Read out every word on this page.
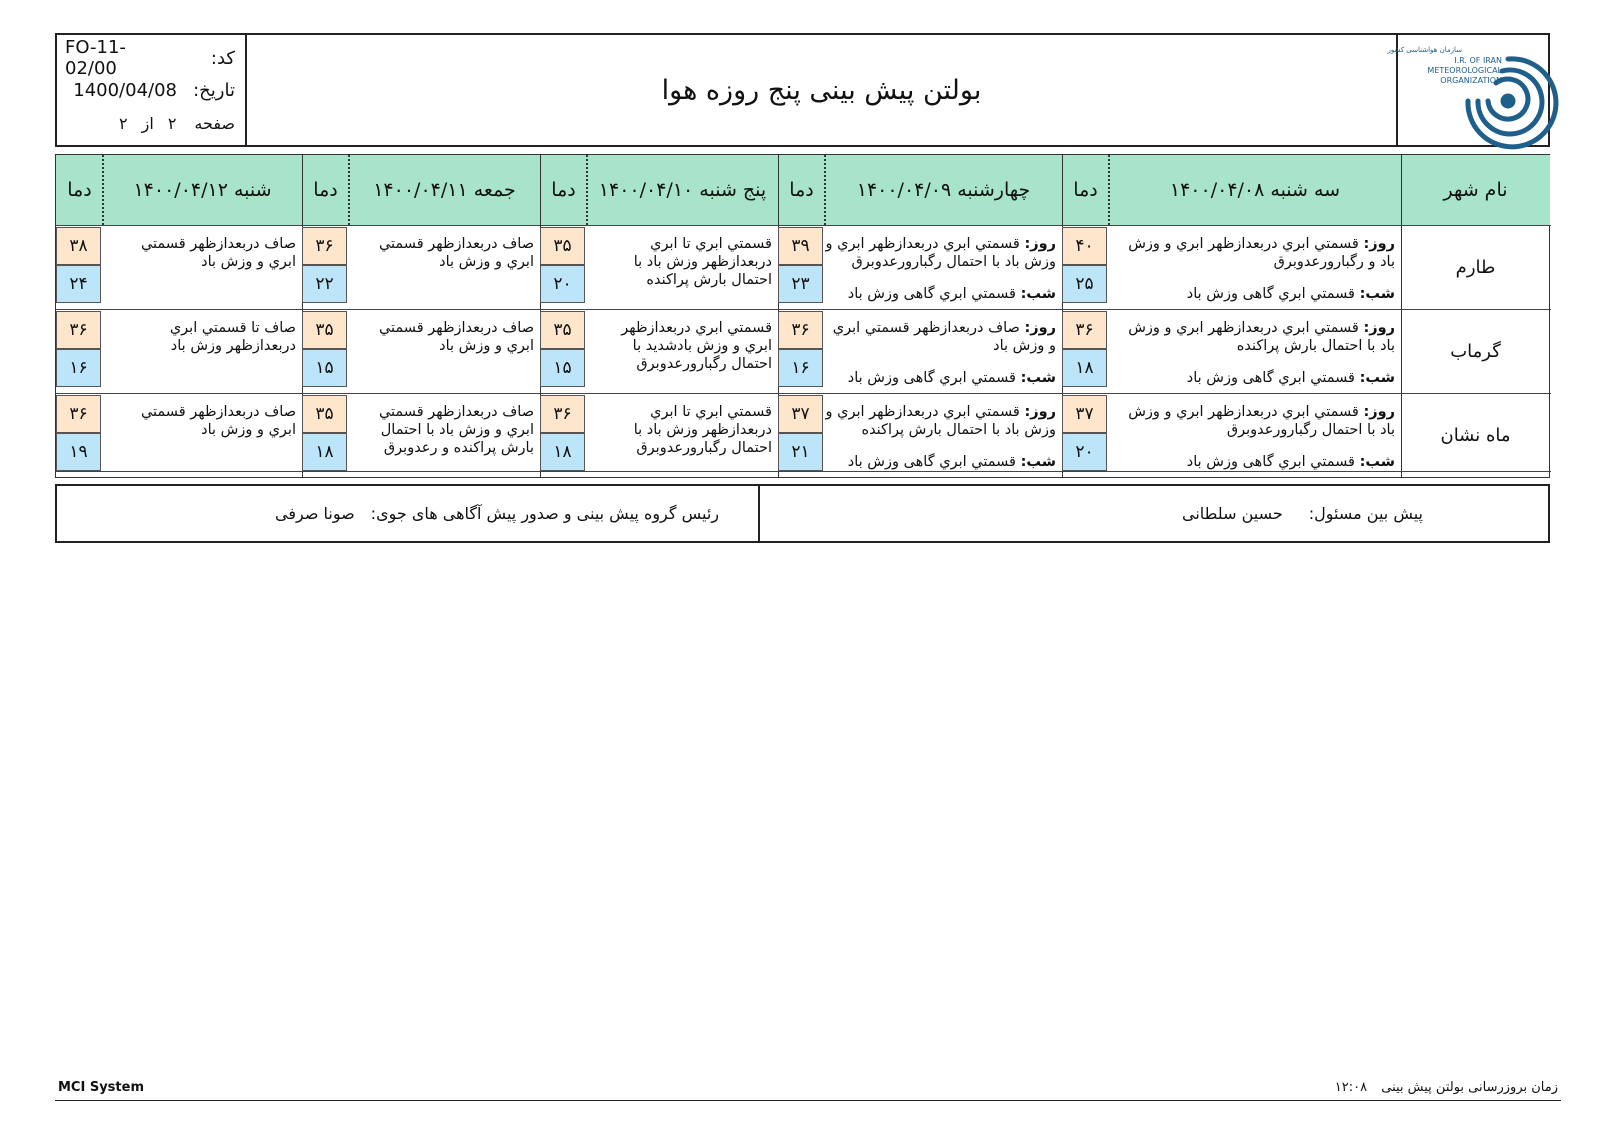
کد:
FO-11-02/00
تاریخ:
1400/04/08
صفحه
۲
از
۲
بولتن پیش بینی پنج روزه هوا
سازمان هواشناسی کشور
I.R. OF IRAN
METEOROLOGICAL
ORGANIZATION
نام شهر
سه شنبه ۱۴۰۰/۰۴/۰۸
دما
چهارشنبه ۱۴۰۰/۰۴/۰۹
دما
پنج شنبه ۱۴۰۰/۰۴/۱۰
دما
جمعه ۱۴۰۰/۰۴/۱۱
دما
شنبه ۱۴۰۰/۰۴/۱۲
دما
طارم
روز: قسمتي ابري دربعدازظهر ابري و وزش باد و رگبارورعدوبرق
شب: قسمتي ابري گاهی وزش باد
۴۰
۲۵
روز: قسمتي ابري دربعدازظهر ابري و وزش باد با احتمال رگبارورعدوبرق
شب: قسمتي ابري گاهی وزش باد
۳۹
۲۳
قسمتي ابري تا ابري دربعدازظهر وزش باد با احتمال بارش پراکنده
۳۵
۲۰
صاف دربعدازظهر قسمتي ابري و وزش باد
۳۶
۲۲
صاف دربعدازظهر قسمتي ابري و وزش باد
۳۸
۲۴
گرماب
روز: قسمتي ابري دربعدازظهر ابري و وزش باد با احتمال بارش پراکنده
شب: قسمتي ابري گاهی وزش باد
۳۶
۱۸
روز: صاف دربعدازظهر قسمتي ابري و وزش باد
شب: قسمتي ابري گاهی وزش باد
۳۶
۱۶
قسمتي ابري دربعدازظهر ابري و وزش بادشدید با احتمال رگبارورعدوبرق
۳۵
۱۵
صاف دربعدازظهر قسمتي ابري و وزش باد
۳۵
۱۵
صاف تا قسمتي ابري دربعدازظهر وزش باد
۳۶
۱۶
ماه نشان
روز: قسمتي ابري دربعدازظهر ابري و وزش باد با احتمال رگبارورعدوبرق
شب: قسمتي ابري گاهی وزش باد
۳۷
۲۰
روز: قسمتي ابري دربعدازظهر ابري و وزش باد با احتمال بارش پراکنده
شب: قسمتي ابري گاهی وزش باد
۳۷
۲۱
قسمتي ابري تا ابري دربعدازظهر وزش باد با احتمال رگبارورعدوبرق
۳۶
۱۸
صاف دربعدازظهر قسمتي ابري و وزش باد با احتمال بارش پراکنده و رعدوبرق
۳۵
۱۸
صاف دربعدازظهر قسمتي ابري و وزش باد
۳۶
۱۹
پیش بین مسئول:
حسین سلطانی
رئیس گروه پیش بینی و صدور پیش آگاهی های جوی:
صونا صرفی
MCI System	زمان بروزرسانی بولتن پیش بینی ۱۲:۰۸
